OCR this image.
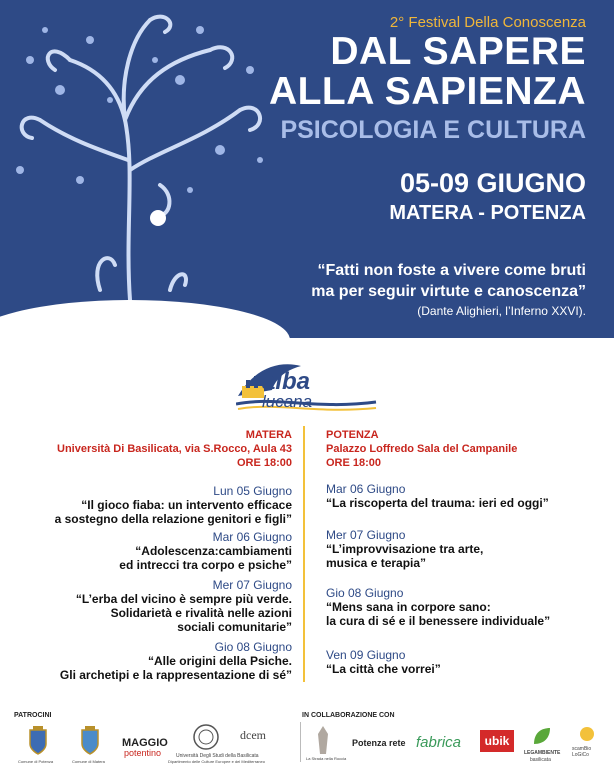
2° Festival Della Conoscenza
DAL SAPERE
ALLA SAPIENZA
PSICOLOGIA E CULTURA
05-09 GIUGNO
MATERA - POTENZA
“Fatti non foste a vivere come bruti
ma per seguir virtute e canoscenza”
(Dante Alighieri, l’Inferno XXVI).
alba
lucana
MATERA
Università Di Basilicata, via S.Rocco, Aula 43
ORE 18:00
Lun 05 Giugno
“Il gioco fiaba: un intervento efficace
a sostegno della relazione genitori e figli”
Mar 06 Giugno
“Adolescenza:cambiamenti
ed intrecci tra corpo e psiche”
Mer 07 Giugno
“L’erba del vicino è sempre più verde.
Solidarietà e rivalità nelle azioni
sociali comunitarie”
Gio 08 Giugno
“Alle origini della Psiche.
Gli archetipi e la rappresentazione di sé”
POTENZA
Palazzo Loffredo Sala del Campanile
ORE 18:00
Mar 06 Giugno
“La riscoperta del trauma: ieri ed oggi”
Mer 07 Giugno
“L’improvvisazione tra arte,
musica e terapia”
Gio 08 Giugno
“Mens sana in corpore sano:
la cura di sé e il benessere individuale”
Ven 09 Giugno
“La città che vorrei”
PATROCINI	IN COLLABORAZIONE CON
Comune di Potenza	Comune di Matera
MAGGIO
potentino	Università Degli Studi della Basilicata
Dipartimento delle Culture Europee e del Mediterraneo
dcem
La Strada nella Roccia
Potenza rete fabrica	ubik
LEGAMBIENTE
basilicata
scamBio LoGiCo
